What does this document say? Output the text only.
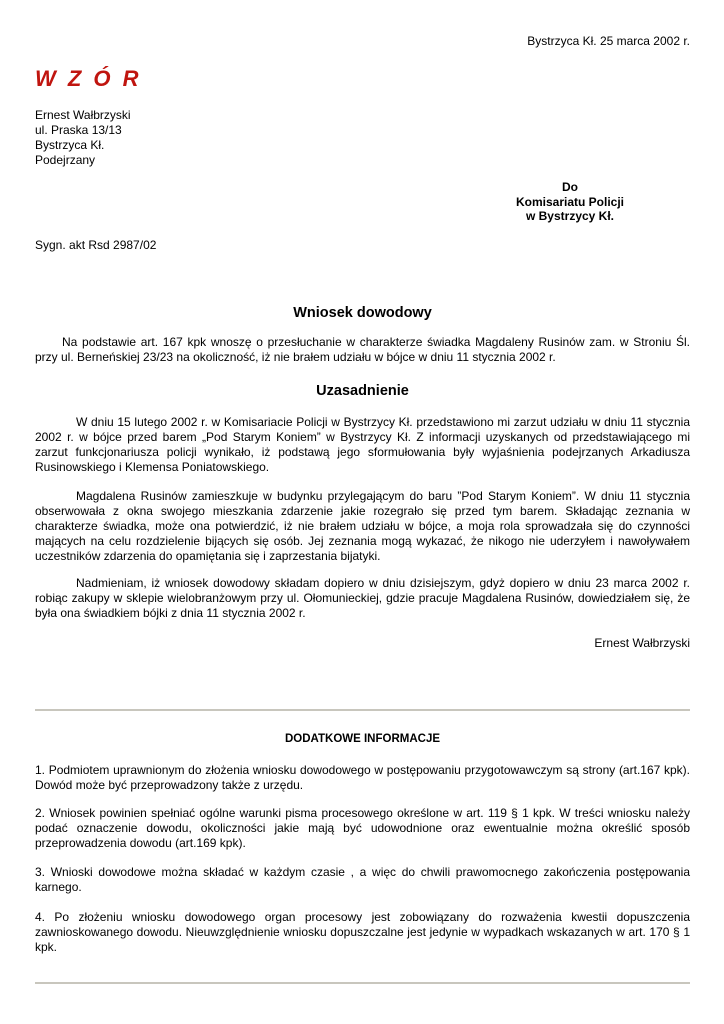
Bystrzyca Kł. 25 marca 2002 r.
W Z Ó R
Ernest Wałbrzyski
ul. Praska 13/13
Bystrzyca Kł.
Podejrzany
Do
Komisariatu Policji
w Bystrzycy Kł.
Sygn. akt Rsd 2987/02
Wniosek dowodowy
Na podstawie art. 167 kpk wnoszę o przesłuchanie w charakterze świadka Magdaleny Rusinów zam. w Stroniu Śl. przy ul. Berneńskiej 23/23 na okoliczność, iż nie brałem udziału w bójce w dniu 11 stycznia 2002 r.
Uzasadnienie
W dniu 15 lutego 2002 r. w Komisariacie Policji w Bystrzycy Kł. przedstawiono mi zarzut udziału w dniu 11 stycznia 2002 r. w bójce przed barem „Pod Starym Koniem” w Bystrzycy Kł. Z informacji uzyskanych od przedstawiającego mi zarzut funkcjonariusza policji wynikało, iż podstawą jego sformułowania były wyjaśnienia podejrzanych Arkadiusza Rusinowskiego i Klemensa Poniatowskiego.
Magdalena Rusinów zamieszkuje w budynku przylegającym do baru ”Pod Starym Koniem”. W dniu 11 stycznia obserwowała z okna swojego mieszkania zdarzenie jakie rozegrało się przed tym barem. Składając zeznania w charakterze świadka, może ona potwierdzić, iż nie brałem udziału w bójce, a moja rola sprowadzała się do czynności mających na celu rozdzielenie bijących się osób. Jej zeznania mogą wykazać, że nikogo nie uderzyłem i nawoływałem uczestników zdarzenia do opamiętania się i zaprzestania bijatyki.
Nadmieniam, iż wniosek dowodowy składam dopiero w dniu dzisiejszym, gdyż dopiero w dniu 23 marca 2002 r. robiąc zakupy w sklepie wielobranżowym przy ul. Ołomunieckiej, gdzie pracuje Magdalena Rusinów, dowiedziałem się, że była ona świadkiem bójki z dnia 11 stycznia 2002 r.
Ernest Wałbrzyski
DODATKOWE INFORMACJE
1. Podmiotem uprawnionym do złożenia wniosku dowodowego w postępowaniu przygotowawczym są strony (art.167 kpk). Dowód może być przeprowadzony także z urzędu.
2. Wniosek powinien spełniać ogólne warunki pisma procesowego określone w art. 119 § 1 kpk. W treści wniosku należy podać oznaczenie dowodu, okoliczności jakie mają być udowodnione oraz ewentualnie można określić sposób przeprowadzenia dowodu (art.169 kpk).
3. Wnioski dowodowe można składać w każdym czasie , a więc do chwili prawomocnego zakończenia postępowania karnego.
4. Po złożeniu wniosku dowodowego organ procesowy jest zobowiązany do rozważenia kwestii dopuszczenia zawnioskowanego dowodu. Nieuwzględnienie wniosku dopuszczalne jest jedynie w wypadkach wskazanych w art. 170 § 1 kpk.
